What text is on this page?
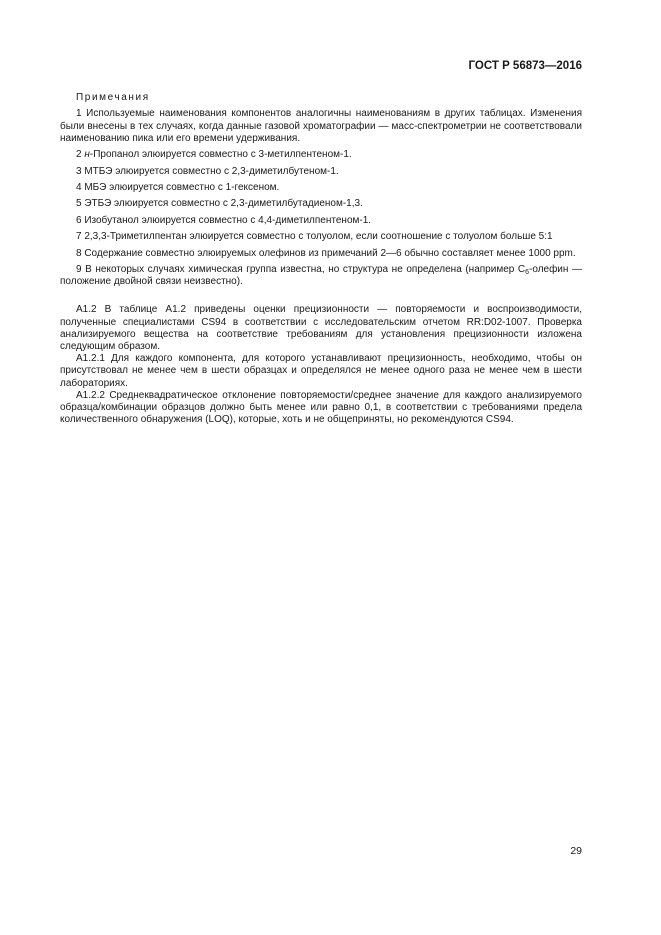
ГОСТ Р 56873—2016

Примечания

1 Используемые наименования компонентов аналогичны наименованиям в других таблицах. Изменения были внесены в тех случаях, когда данные газовой хроматографии — масс-спектрометрии не соответствовали наименованию пика или его времени удерживания.

2 н-Пропанол элюируется совместно с 3-метилпентеном-1.

3 МТБЭ элюируется совместно с 2,3-диметилбутеном-1.

4 МБЭ элюируется совместно с 1-гексеном.

5 ЭТБЭ элюируется совместно с 2,3-диметилбутадиеном-1,3.

6 Изобутанол элюируется совместно с 4,4-диметилпентеном-1.

7 2,3,3-Триметилпентан элюируется совместно с толуолом, если соотношение с толуолом больше 5:1

8 Содержание совместно элюируемых олефинов из примечаний 2—6 обычно составляет менее 1000 ppm.

9 В некоторых случаях химическая группа известна, но структура не определена (например $C_6$-олефин — положение двойной связи неизвестно).

A1.2 В таблице A1.2 приведены оценки прецизионности — повторяемости и воспроизводимости, полученные специалистами CS94 в соответствии с исследовательским отчетом RR:D02-1007. Проверка анализируемого вещества на соответствие требованиям для установления прецизионности изложена следующим образом.

A1.2.1 Для каждого компонента, для которого устанавливают прецизионность, необходимо, чтобы он присутствовал не менее чем в шести образцах и определялся не менее одного раза не менее чем в шести лабораториях.

A1.2.2 Среднеквадратическое отклонение повторяемости/среднее значение для каждого анализируемого образца/комбинации образцов должно быть менее или равно 0,1, в соответствии с требованиями предела количественного обнаружения (LOQ), которые, хоть и не общеприняты, но рекомендуются CS94.

29
